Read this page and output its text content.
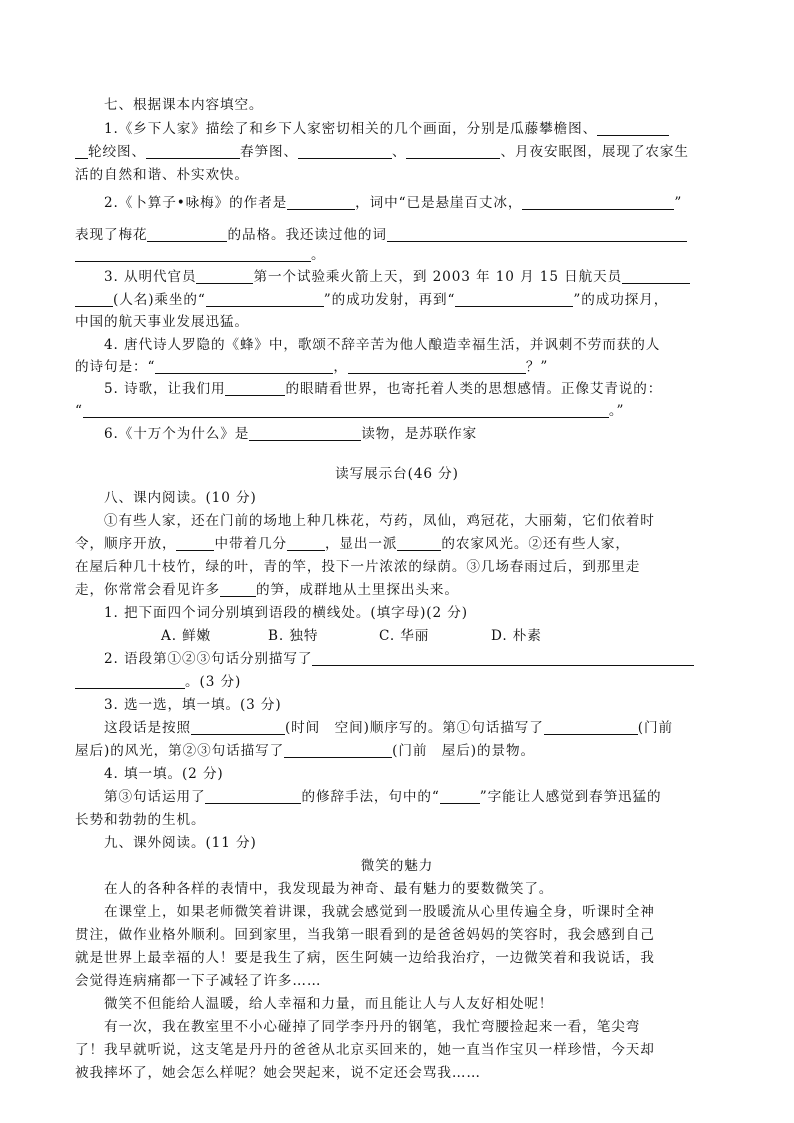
七、根据课本内容填空。
1.《乡下人家》描绘了和乡下人家密切相关的几个画面，分别是瓜藤攀檐图、
轮绞图、	春笋图、	、	、月夜安眠图，展现了农家生
活的自然和谐、朴实欢快。
2.《卜算子•咏梅》的作者是	，词中“已是悬崖百丈冰，	”
表现了梅花	的品格。我还读过他的词
。
3. 从明代官员	第一个试验乘火箭上天，到 2003 年 10 月 15 日航天员
(人名)乘坐的“	”的成功发射，再到“	”的成功探月，
中国的航天事业发展迅猛。
4. 唐代诗人罗隐的《蜂》中，歌颂不辞辛苦为他人酿造幸福生活，并讽刺不劳而获的人
的诗句是：“	，	？”
5. 诗歌，让我们用	的眼睛看世界，也寄托着人类的思想感情。正像艾青说的：
“	。”
6.《十万个为什么》是	读物，是苏联作家
读写展示台(46 分)
八、课内阅读。(10 分)
①有些人家，还在门前的场地上种几株花，芍药，凤仙，鸡冠花，大丽菊，它们依着时
令，顺序开放，	中带着几分	，显出一派	的农家风光。②还有些人家，
在屋后种几十枝竹，绿的叶，青的竿，投下一片浓浓的绿荫。③几场春雨过后，到那里走
走，你常常会看见许多	的笋，成群地从土里探出头来。
1. 把下面四个词分别填到语段的横线处。(填字母)(2 分)
A. 鲜嫩	B. 独特	C. 华丽	D. 朴素
2. 语段第①②③句话分别描写了
。(3 分)
3. 选一选，填一填。(3 分)
这段话是按照	(时间　空间)顺序写的。第①句话描写了	(门前
屋后)的风光，第②③句话描写了	(门前　屋后)的景物。
4. 填一填。(2 分)
第③句话运用了	的修辞手法，句中的“	”字能让人感觉到春笋迅猛的
长势和勃勃的生机。
九、课外阅读。(11 分)
微笑的魅力
在人的各种各样的表情中，我发现最为神奇、最有魅力的要数微笑了。
在课堂上，如果老师微笑着讲课，我就会感觉到一股暖流从心里传遍全身，听课时全神
贯注，做作业格外顺利。回到家里，当我第一眼看到的是爸爸妈妈的笑容时，我会感到自己
就是世界上最幸福的人！要是我生了病，医生阿姨一边给我治疗，一边微笑着和我说话，我
会觉得连病痛都一下子减轻了许多……
微笑不但能给人温暖，给人幸福和力量，而且能让人与人友好相处呢！
有一次，我在教室里不小心碰掉了同学李丹丹的钢笔，我忙弯腰捡起来一看，笔尖弯
了！我早就听说，这支笔是丹丹的爸爸从北京买回来的，她一直当作宝贝一样珍惜，今天却
被我摔坏了，她会怎么样呢？她会哭起来，说不定还会骂我……
